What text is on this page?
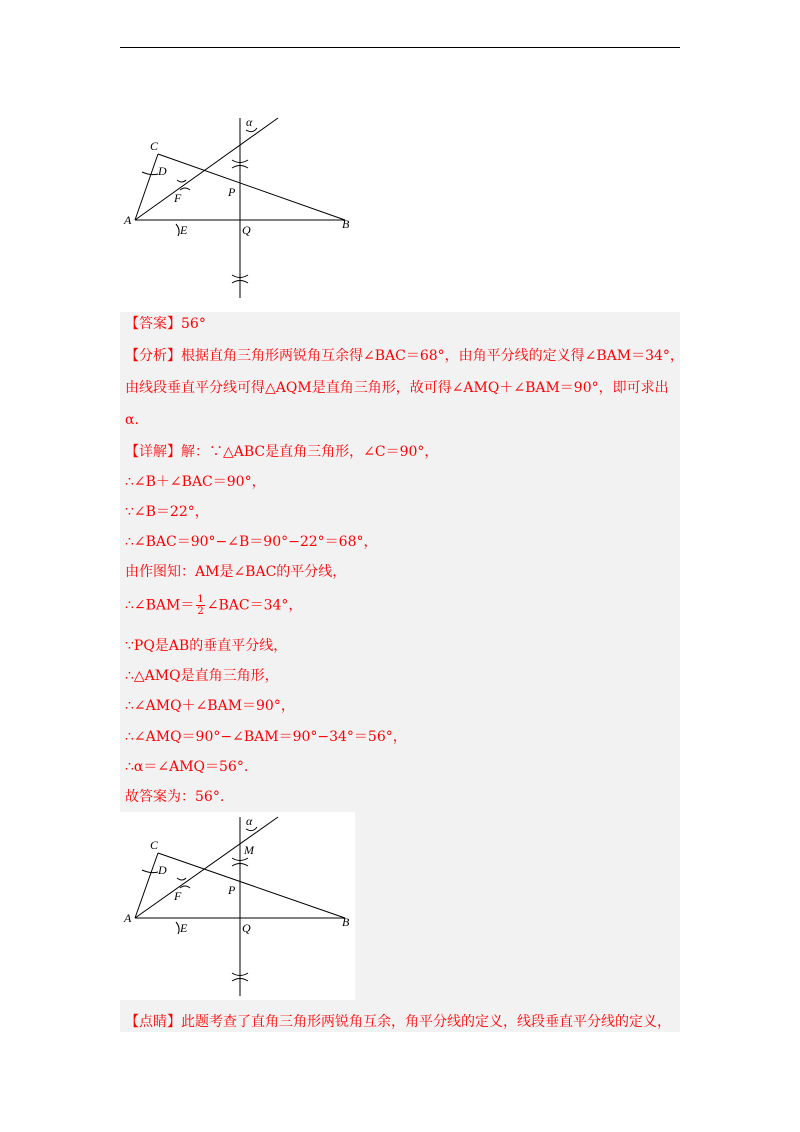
α
C
D
F	P
A
E	Q	B
【答案】56°
【分析】根据直角三角形两锐角互余得∠BAC＝68°，由角平分线的定义得∠BAM＝34°，
由线段垂直平分线可得△AQM是直角三角形，故可得∠AMQ＋∠BAM＝90°，即可求出
α.
【详解】解：∵△ABC是直角三角形，∠C＝90°，
∴∠B＋∠BAC＝90°，
∵∠B＝22°，
∴∠BAC＝90°−∠B＝90°−22°＝68°，
由作图知：AM是∠BAC的平分线，
∴∠BAM＝ $\frac{1}{2}$ ∠BAC＝34°，
∵PQ是AB的垂直平分线，
∴△AMQ是直角三角形，
∴∠AMQ＋∠BAM＝90°，
∴∠AMQ＝90°−∠BAM＝90°−34°＝56°，
∴α＝∠AMQ＝56°.
故答案为：56°.
α
M
C
D
F	P
A
E	Q	B
【点睛】此题考查了直角三角形两锐角互余，角平分线的定义，线段垂直平分线的定义，
